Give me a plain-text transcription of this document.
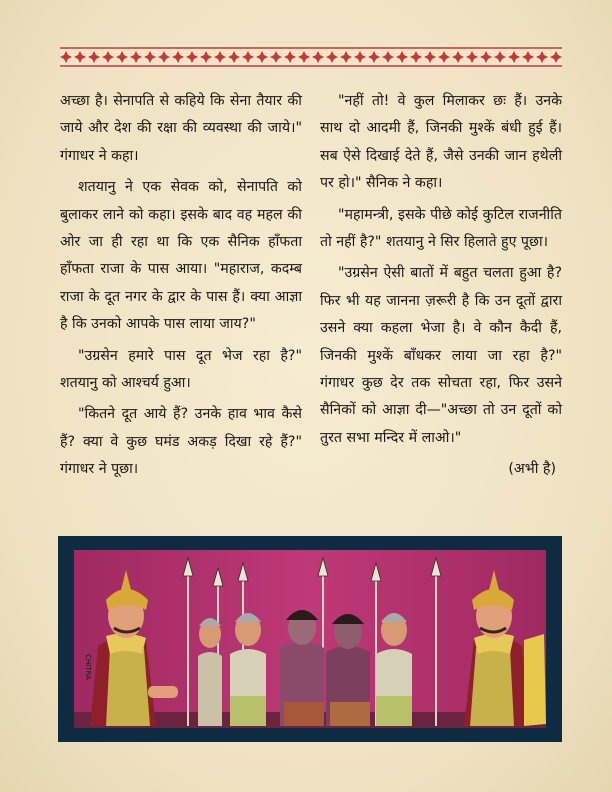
अच्छा है। सेनापति से कहिये कि सेना तैयार की जाये और देश की रक्षा की व्यवस्था की जाये।" गंगाधर ने कहा।

शतयानु ने एक सेवक को, सेनापति को बुलाकर लाने को कहा। इसके बाद वह महल की ओर जा ही रहा था कि एक सैनिक हाँफता हाँफता राजा के पास आया। "महाराज, कदम्ब राजा के दूत नगर के द्वार के पास हैं। क्या आज्ञा है कि उनको आपके पास लाया जाय?"

"उग्रसेन हमारे पास दूत भेज रहा है?" शतयानु को आश्चर्य हुआ।

"कितने दूत आये हैं? उनके हाव भाव कैसे हैं? क्या वे कुछ घमंड अकड़ दिखा रहे हैं?" गंगाधर ने पूछा।

"नहीं तो! वे कुल मिलाकर छः हैं। उनके साथ दो आदमी हैं, जिनकी मुश्कें बंधी हुई हैं। सब ऐसे दिखाई देते हैं, जैसे उनकी जान हथेली पर हो।" सैनिक ने कहा।

"महामन्त्री, इसके पीछे कोई कुटिल राजनीति तो नहीं है?" शतयानु ने सिर हिलाते हुए पूछा।

"उग्रसेन ऐसी बातों में बहुत चलता हुआ है? फिर भी यह जानना ज़रूरी है कि उन दूतों द्वारा उसने क्या कहला भेजा है। वे कौन कैदी हैं, जिनकी मुश्कें बाँधकर लाया जा रहा है?" गंगाधर कुछ देर तक सोचता रहा, फिर उसने सैनिकों को आज्ञा दी—"अच्छा तो उन दूतों को तुरत सभा मन्दिर में लाओ।"

(अभी है)

CHITRA
